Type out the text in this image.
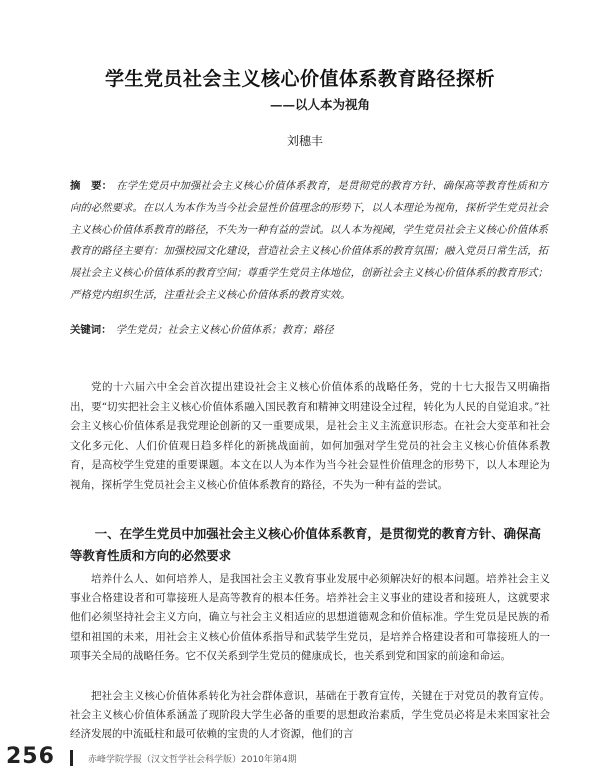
学生党员社会主义核心价值体系教育路径探析
——以人本为视角
刘穗丰
摘　要： 在学生党员中加强社会主义核心价值体系教育，是贯彻党的教育方针、确保高等教育性质和方向的必然要求。在以人为本作为当今社会显性价值理念的形势下，以人本理论为视角，探析学生党员社会主义核心价值体系教育的路径，不失为一种有益的尝试。以人本为视阈，学生党员社会主义核心价值体系教育的路径主要有：加强校园文化建设，营造社会主义核心价值体系的教育氛围；融入党员日常生活，拓展社会主义核心价值体系的教育空间；尊重学生党员主体地位，创新社会主义核心价值体系的教育形式；严格党内组织生活，注重社会主义核心价值体系的教育实效。
关键词： 学生党员；社会主义核心价值体系；教育；路径
党的十六届六中全会首次提出建设社会主义核心价值体系的战略任务，党的十七大报告又明确指出，要“切实把社会主义核心价值体系融入国民教育和精神文明建设全过程，转化为人民的自觉追求。”社会主义核心价值体系是我党理论创新的又一重要成果，是社会主义主流意识形态。在社会大变革和社会文化多元化、人们价值观日趋多样化的新挑战面前，如何加强对学生党员的社会主义核心价值体系教育，是高校学生党建的重要课题。本文在以人为本作为当今社会显性价值理念的形势下，以人本理论为视角，探析学生党员社会主义核心价值体系教育的路径，不失为一种有益的尝试。
一、在学生党员中加强社会主义核心价值体系教育，是贯彻党的教育方针、确保高等教育性质和方向的必然要求
培养什么人、如何培养人，是我国社会主义教育事业发展中必须解决好的根本问题。培养社会主义事业合格建设者和可靠接班人是高等教育的根本任务。培养社会主义事业的建设者和接班人，这就要求他们必须坚持社会主义方向，确立与社会主义相适应的思想道德观念和价值标准。学生党员是民族的希望和祖国的未来，用社会主义核心价值体系指导和武装学生党员，是培养合格建设者和可靠接班人的一项事关全局的战略任务。它不仅关系到学生党员的健康成长，也关系到党和国家的前途和命运。
把社会主义核心价值体系转化为社会群体意识，基础在于教育宣传，关键在于对党员的教育宣传。社会主义核心价值体系涵盖了现阶段大学生必备的重要的思想政治素质，学生党员必将是未来国家社会经济发展的中流砥柱和最可依赖的宝贵的人才资源，他们的言
256	赤峰学院学报（汉文哲学社会科学版）2010年第4期
